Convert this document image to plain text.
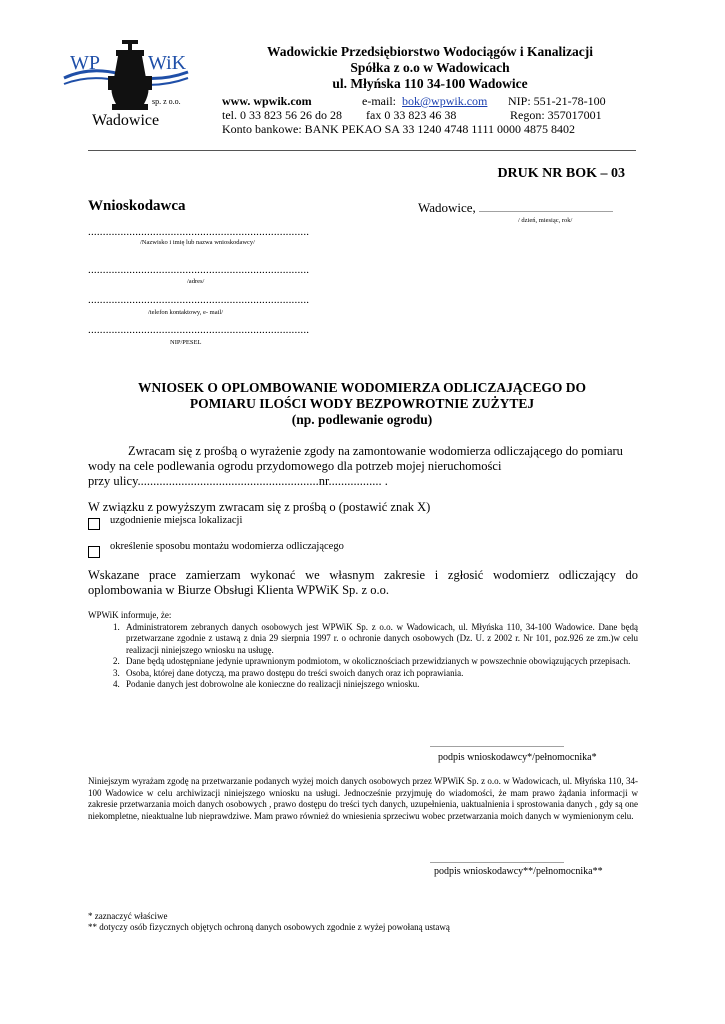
WP WiK
sp. z o.o.
Wadowice
Wadowickie Przedsiębiorstwo Wodociągów i Kanalizacji
Spółka z o.o w Wadowicach
ul. Młyńska 110 34-100 Wadowice
www. wpwik.com	e-mail: bok@wpwik.com NIP: 551-21-78-100
tel. 0 33 823 56 26 do 28 fax 0 33 823 46 38	Regon: 357017001
Konto bankowe: BANK PEKAO SA 33 1240 4748 1111 0000 4875 8402
DRUK NR BOK – 03
Wnioskodawca	Wadowice, ...................................................................
/ dzień, miesiąc, rok/
...........................................................................
/Nazwisko i imię lub nazwa wnioskodawcy/
...........................................................................
/adres/
...........................................................................
/telefon kontaktowy, e- mail/
...........................................................................
NIP/PESEL
WNIOSEK O OPLOMBOWANIE WODOMIERZA ODLICZAJĄCEGO DO
POMIARU ILOŚCI WODY BEZPOWROTNIE ZUŻYTEJ
(np. podlewanie ogrodu)
Zwracam się z prośbą o wyrażenie zgody na zamontowanie wodomierza odliczającego do pomiaru
wody na cele podlewania ogrodu przydomowego dla potrzeb mojej nieruchomości
przy ulicy..........................................................nr................. .
W związku z powyższym zwracam się z prośbą o (postawić znak X)
uzgodnienie miejsca lokalizacji
określenie sposobu montażu wodomierza odliczającego
Wskazane prace zamierzam wykonać we własnym zakresie i zgłosić wodomierz odliczający do oplombowania w Biurze Obsługi Klienta WPWiK Sp. z o.o.
WPWiK informuje, że:
1. Administratorem zebranych danych osobowych jest WPWiK Sp. z o.o. w Wadowicach, ul. Młyńska 110, 34-100 Wadowice. Dane będą przetwarzane zgodnie z ustawą z dnia 29 sierpnia 1997 r. o ochronie danych osobowych (Dz. U. z 2002 r. Nr 101, poz.926 ze zm.)w celu realizacji niniejszego wniosku na usługę.
2. Dane będą udostępniane jedynie uprawnionym podmiotom, w okolicznościach przewidzianych w powszechnie obowiązujących przepisach.
3. Osoba, której dane dotyczą, ma prawo dostępu do treści swoich danych oraz ich poprawiania.
4. Podanie danych jest dobrowolne ale konieczne do realizacji niniejszego wniosku.
...................................................................
podpis wnioskodawcy*/pełnomocnika*
Niniejszym wyrażam zgodę na przetwarzanie podanych wyżej moich danych osobowych przez WPWiK Sp. z o.o. w Wadowicach, ul. Młyńska 110, 34-100 Wadowice w celu archiwizacji niniejszego wniosku na usługi. Jednocześnie przyjmuję do wiadomości, że mam prawo żądania informacji w zakresie przetwarzania moich danych osobowych , prawo dostępu do treści tych danych, uzupełnienia, uaktualnienia i sprostowania danych , gdy są one niekompletne, nieaktualne lub nieprawdziwe. Mam prawo również do wniesienia sprzeciwu wobec przetwarzania moich danych w wymienionym celu.
...................................................................
podpis wnioskodawcy**/pełnomocnika**
* zaznaczyć właściwe
** dotyczy osób fizycznych objętych ochroną danych osobowych zgodnie z wyżej powołaną ustawą
